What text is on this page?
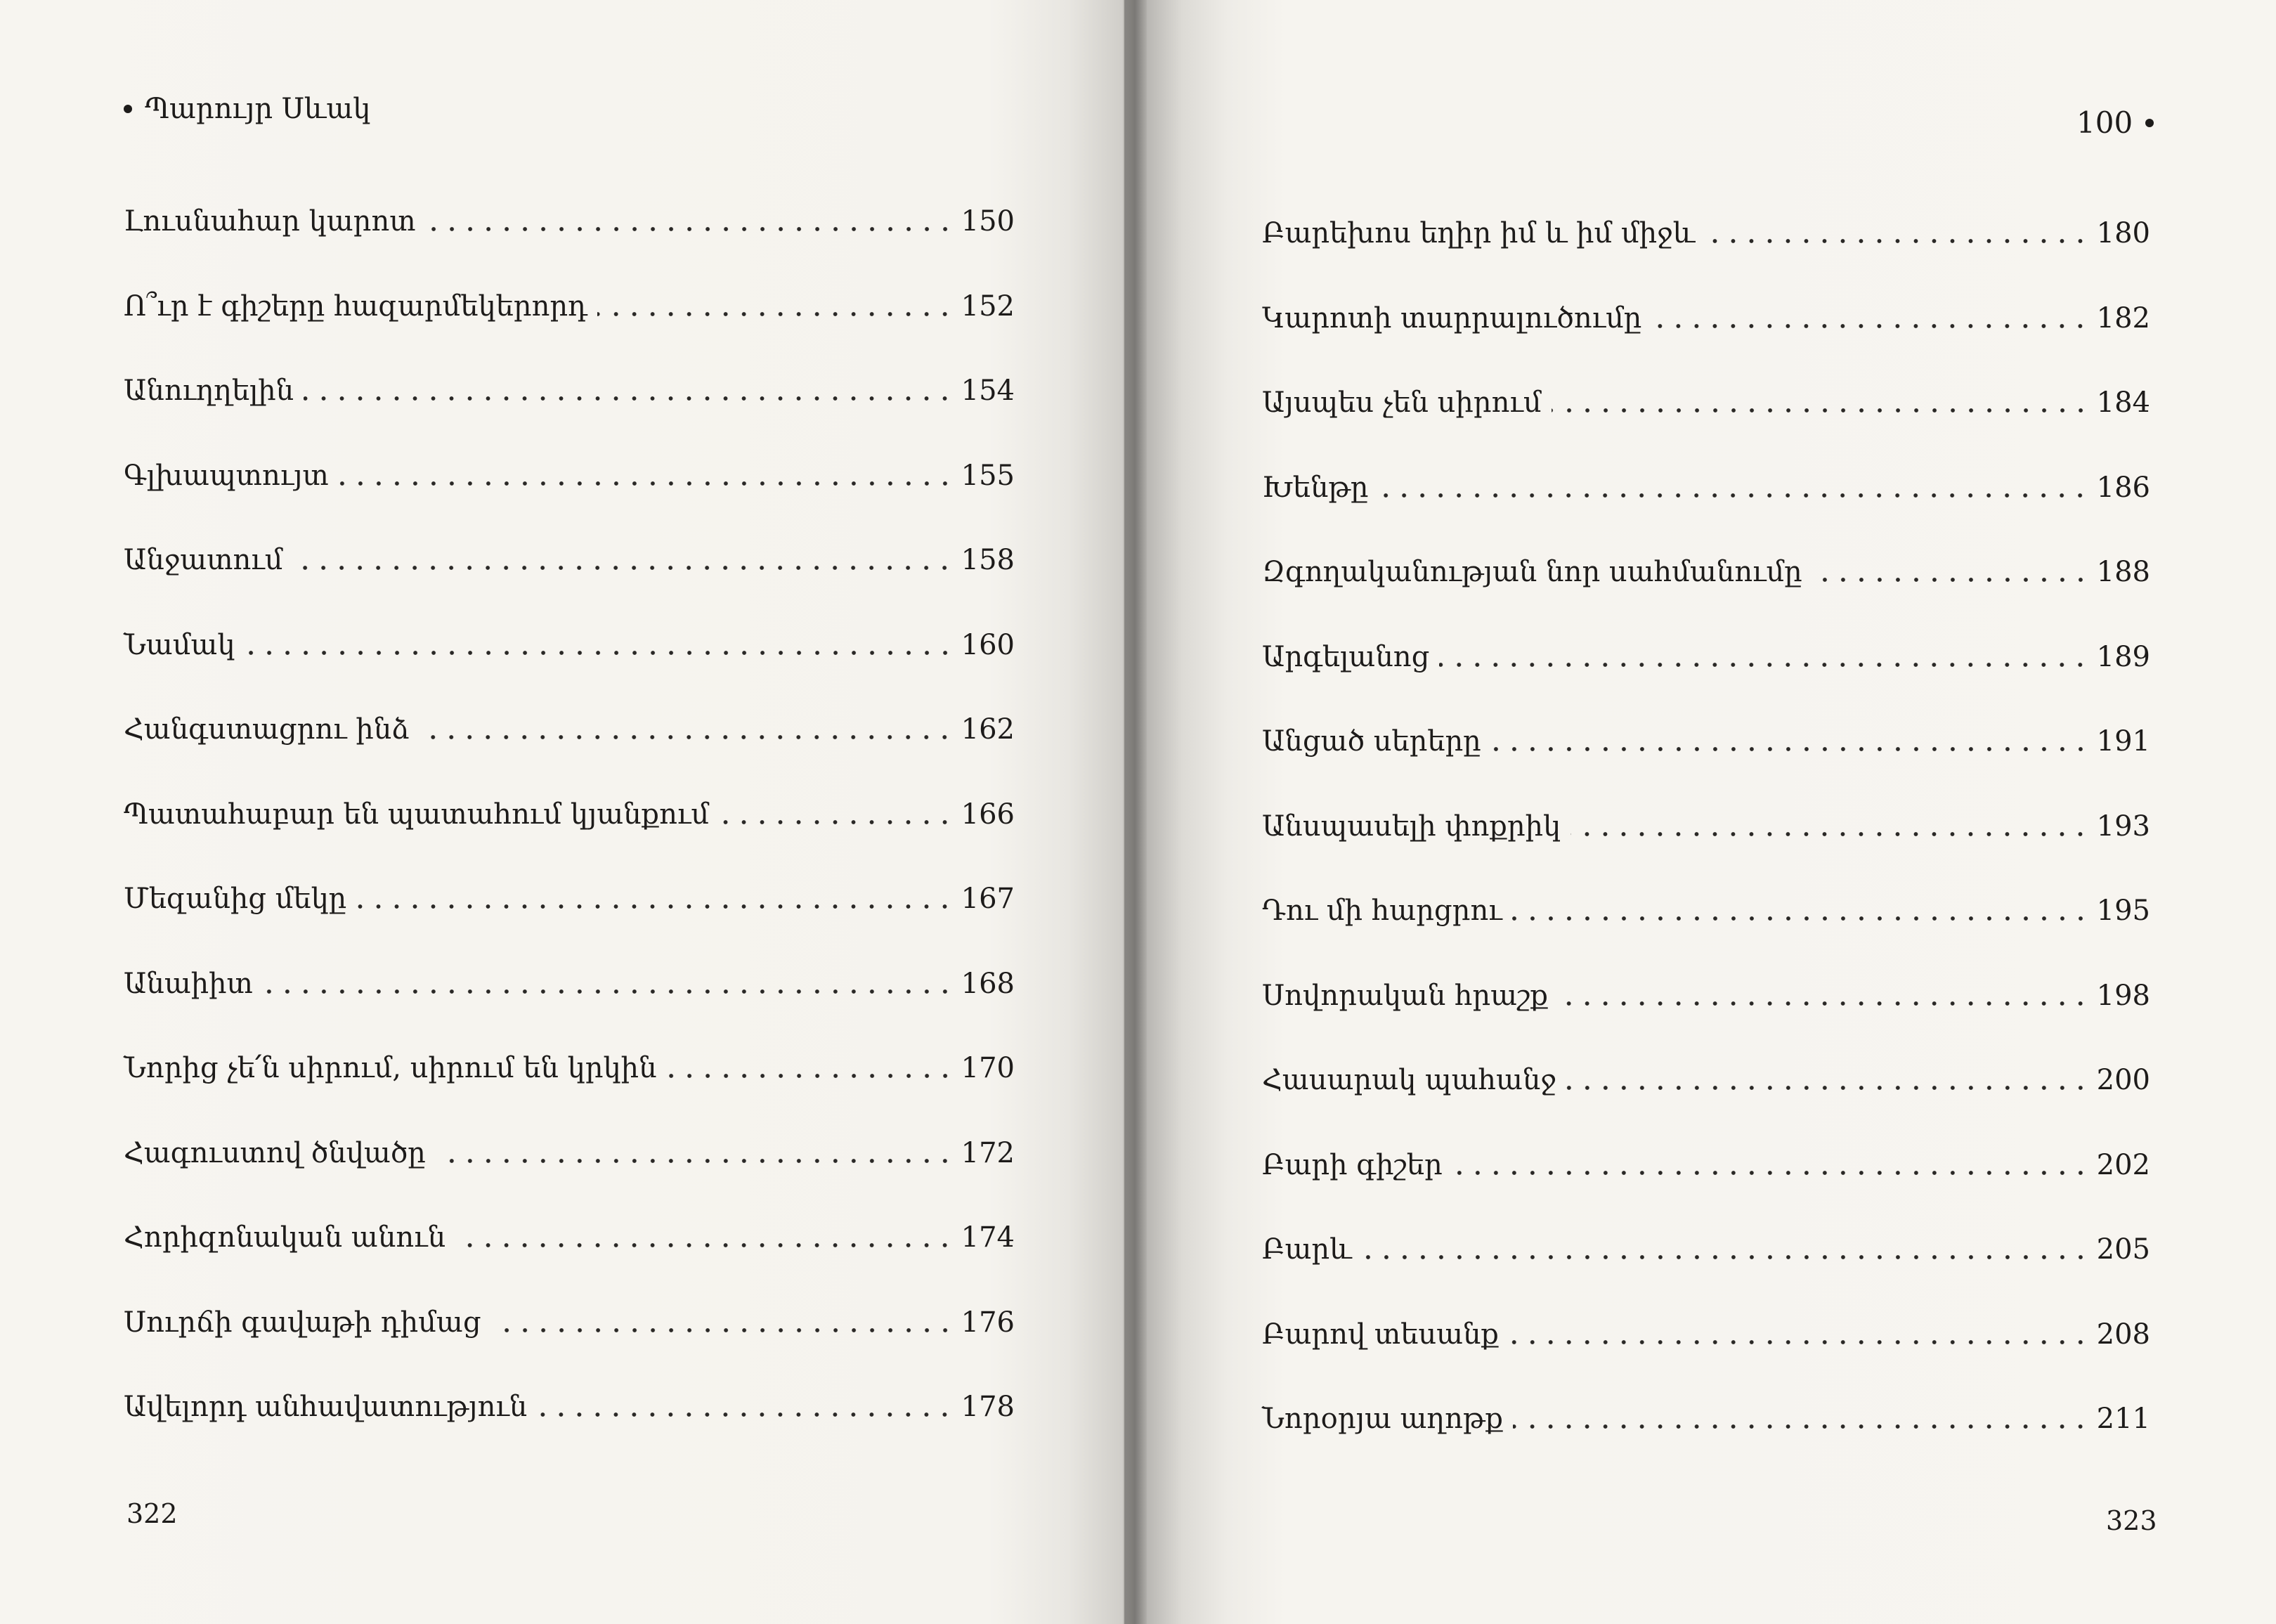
Պարույր Սևակ
Լուսնահար կարոտ	150
Ո՞ւր է գիշերը հազարմեկերորդ	152
Անուղղելին	154
Գլխապտույտ	155
Անջատում	158
Նամակ	160
Հանգստացրու ինձ	162
Պատահաբար են պատահում կյանքում	166
Մեզանից մեկը	167
Անաիիտ	168
Նորից չե՛ն սիրում, սիրում են կրկին	170
Հագուստով ծնվածը	172
Հորիզոնական անուն	174
Սուրճի գավաթի դիմաց	176
Ավելորդ անհավատություն	178
322
100
Բարեխոս եղիր իմ և իմ միջև	180
Կարոտի տարրալուծումը	182
Այսպես չեն սիրում	184
Խենթը	186
Զգողականության նոր սահմանումը	188
Արգելանոց	189
Անցած սերերը	191
Անսպասելի փոքրիկ	193
Դու մի հարցրու	195
Սովորական հրաշք	198
Հասարակ պահանջ	200
Բարի գիշեր	202
Բարև	205
Բարով տեսանք	208
Նորօրյա աղոթք	211
323
